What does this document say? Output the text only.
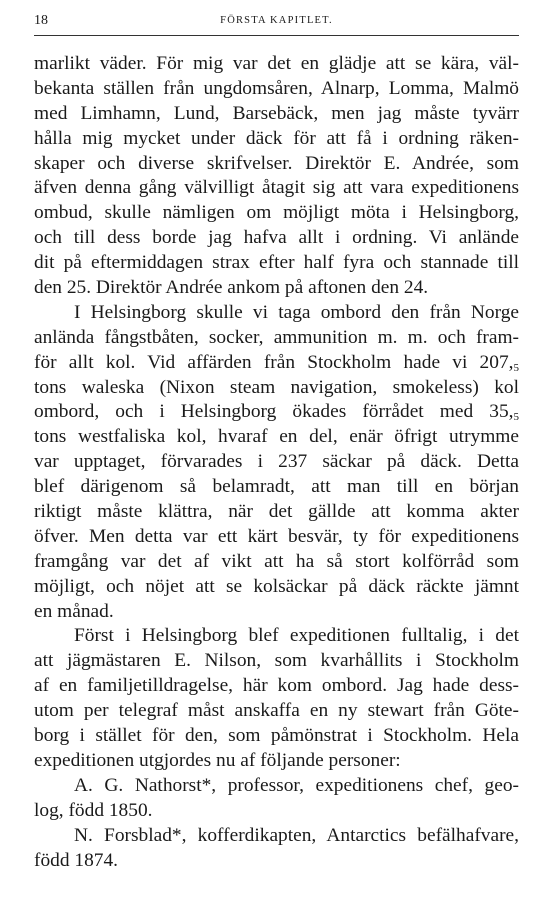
18	FÖRSTA KAPITLET.
marlikt väder. För mig var det en glädje att se kära, väl-
bekanta ställen från ungdomsåren, Alnarp, Lomma, Malmö
med Limhamn, Lund, Barsebäck, men jag måste tyvärr
hålla mig mycket under däck för att få i ordning räken-
skaper och diverse skrifvelser. Direktör E. Andrée, som
äfven denna gång välvilligt åtagit sig att vara expeditionens
ombud, skulle nämligen om möjligt möta i Helsingborg,
och till dess borde jag hafva allt i ordning. Vi anlände
dit på eftermiddagen strax efter half fyra och stannade till
den 25. Direktör Andrée ankom på aftonen den 24.
I Helsingborg skulle vi taga ombord den från Norge
anlända fångstbåten, socker, ammunition m. m. och fram-
för allt kol. Vid affärden från Stockholm hade vi $207,_5$
tons waleska (Nixon steam navigation, smokeless) kol
ombord, och i Helsingborg ökades förrådet med $35,_5$
tons westfaliska kol, hvaraf en del, enär öfrigt utrymme
var upptaget, förvarades i 237 säckar på däck. Detta
blef därigenom så belamradt, att man till en början
riktigt måste klättra, när det gällde att komma akter
öfver. Men detta var ett kärt besvär, ty för expeditionens
framgång var det af vikt att ha så stort kolförråd som
möjligt, och nöjet att se kolsäckar på däck räckte jämnt
en månad.
Först i Helsingborg blef expeditionen fulltalig, i det
att jägmästaren E. Nilson, som kvarhållits i Stockholm
af en familjetilldragelse, här kom ombord. Jag hade dess-
utom per telegraf måst anskaffa en ny stewart från Göte-
borg i stället för den, som påmönstrat i Stockholm. Hela
expeditionen utgjordes nu af följande personer:
A. G. Nathorst*, professor, expeditionens chef, geo-
log, född 1850.
N. Forsblad*, kofferdikapten, Antarctics befälhafvare,
född 1874.
